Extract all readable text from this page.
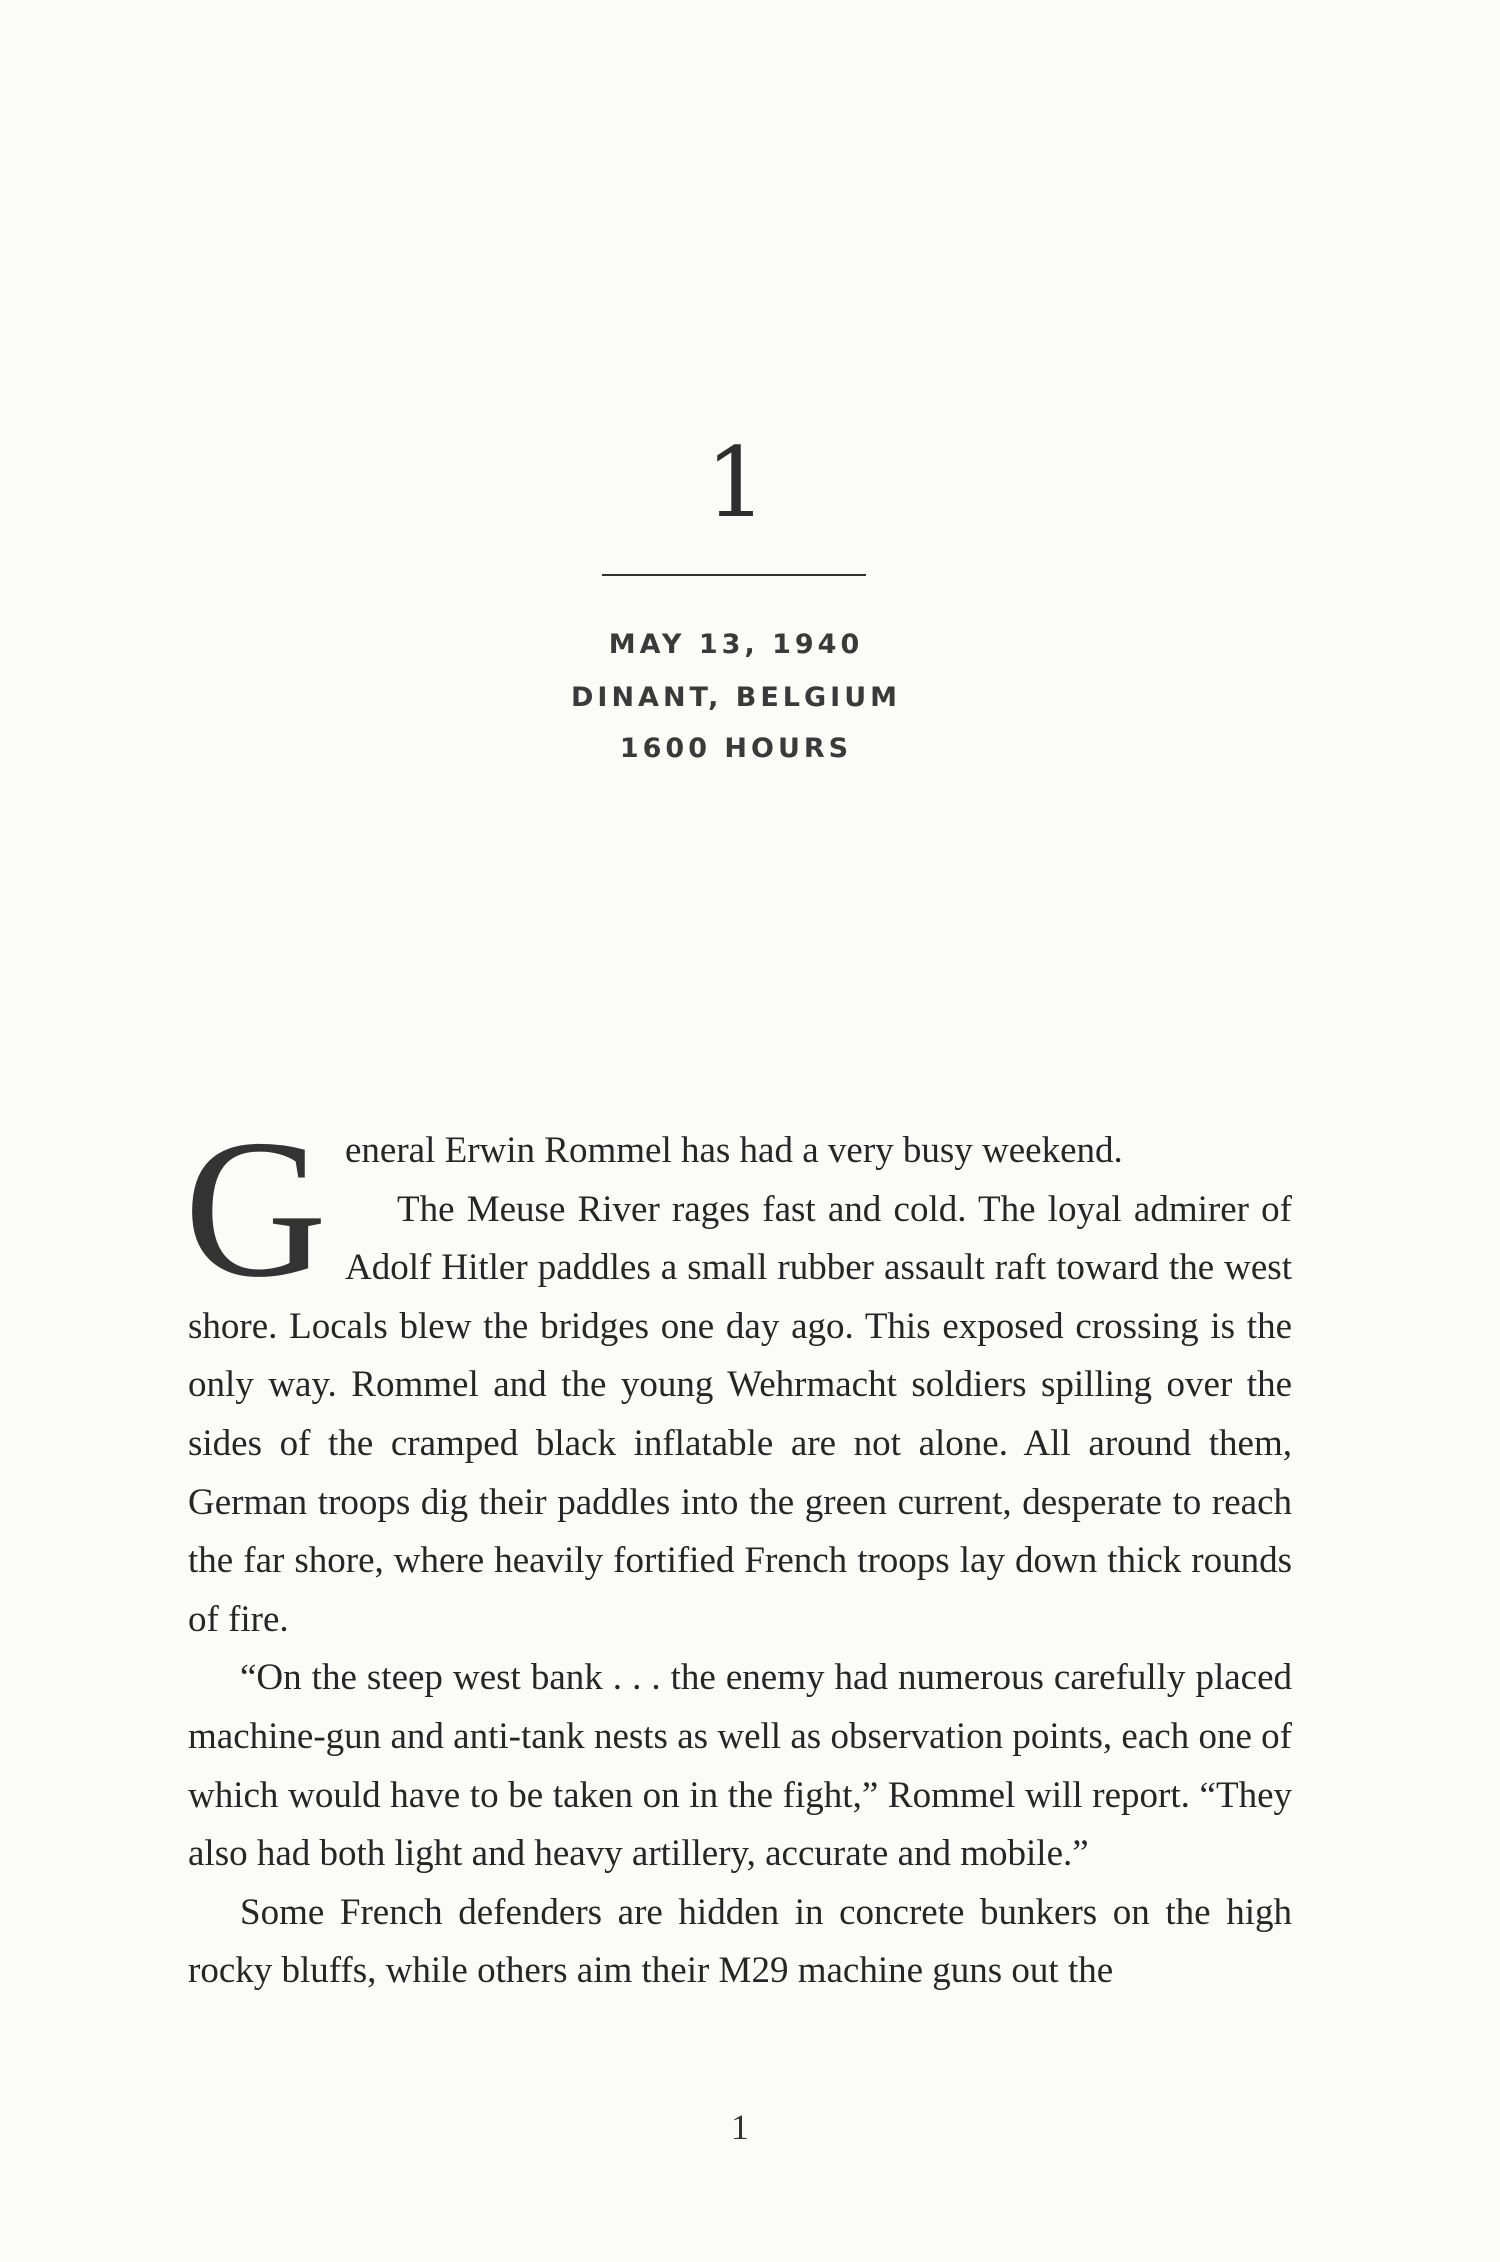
1
MAY 13, 1940
DINANT, BELGIUM
1600 HOURS

General Erwin Rommel has had a very busy weekend.

The Meuse River rages fast and cold. The loyal admirer of Adolf Hitler paddles a small rubber assault raft toward the west shore. Locals blew the bridges one day ago. This exposed crossing is the only way. Rommel and the young Wehrmacht soldiers spilling over the sides of the cramped black inflatable are not alone. All around them, German troops dig their paddles into the green current, desperate to reach the far shore, where heavily fortified French troops lay down thick rounds of fire.

“On the steep west bank . . . the enemy had numerous carefully placed machine-gun and anti-tank nests as well as observation points, each one of which would have to be taken on in the fight,” Rommel will report. “They also had both light and heavy artillery, accurate and mobile.”

Some French defenders are hidden in concrete bunkers on the high rocky bluffs, while others aim their M29 machine guns out the

1
